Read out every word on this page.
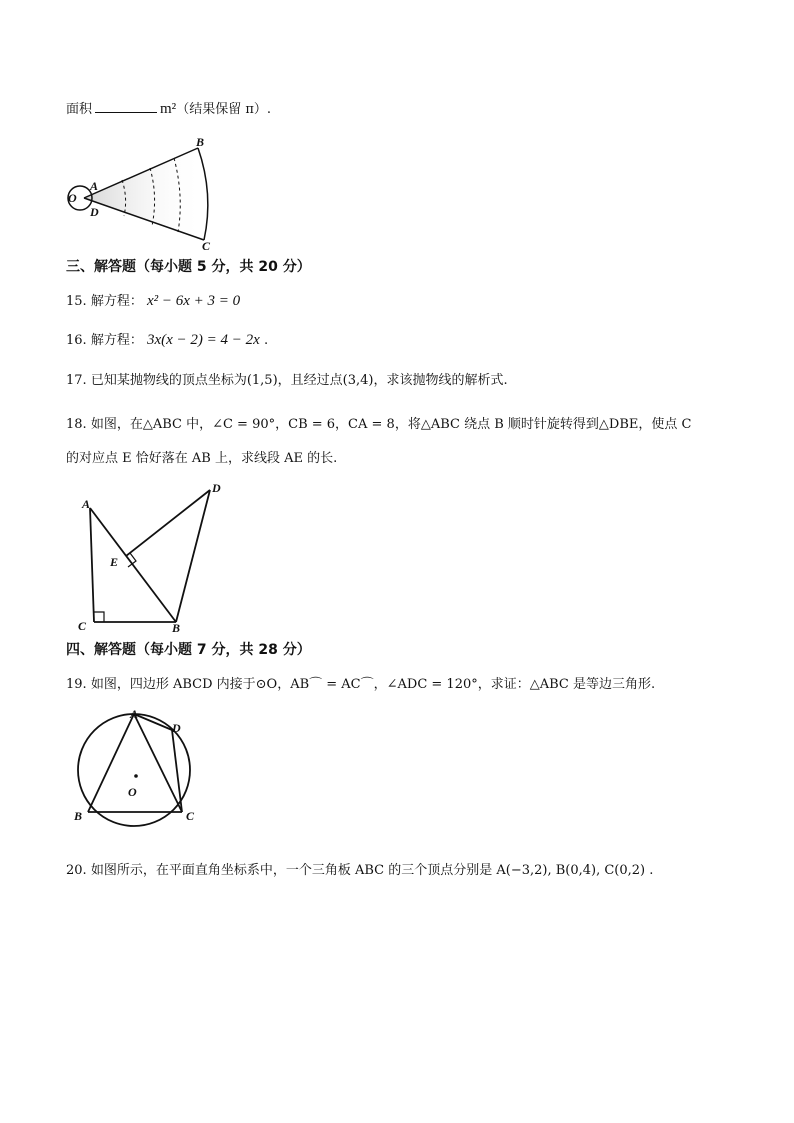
面积	m²（结果保留 π）.
O
A
D
B
C
三、解答题（每小题 5 分，共 20 分）
15. 解方程： x² − 6x + 3 = 0
16. 解方程： 3x(x − 2) = 4 − 2x .
17. 已知某抛物线的顶点坐标为(1,5)，且经过点(3,4)，求该抛物线的解析式.
18. 如图，在△ABC 中，∠C = 90°，CB = 6，CA = 8，将△ABC 绕点 B 顺时针旋转得到△DBE，使点 C
的对应点 E 恰好落在 AB 上，求线段 AE 的长.
A
C	B
E
D
四、解答题（每小题 7 分，共 28 分）
19. 如图，四边形 ABCD 内接于⊙O，AB⌒ = AC⌒，∠ADC = 120°，求证：△ABC 是等边三角形.
A
B	C
D
O
20. 如图所示，在平面直角坐标系中，一个三角板 ABC 的三个顶点分别是 A(−3,2), B(0,4), C(0,2) .
